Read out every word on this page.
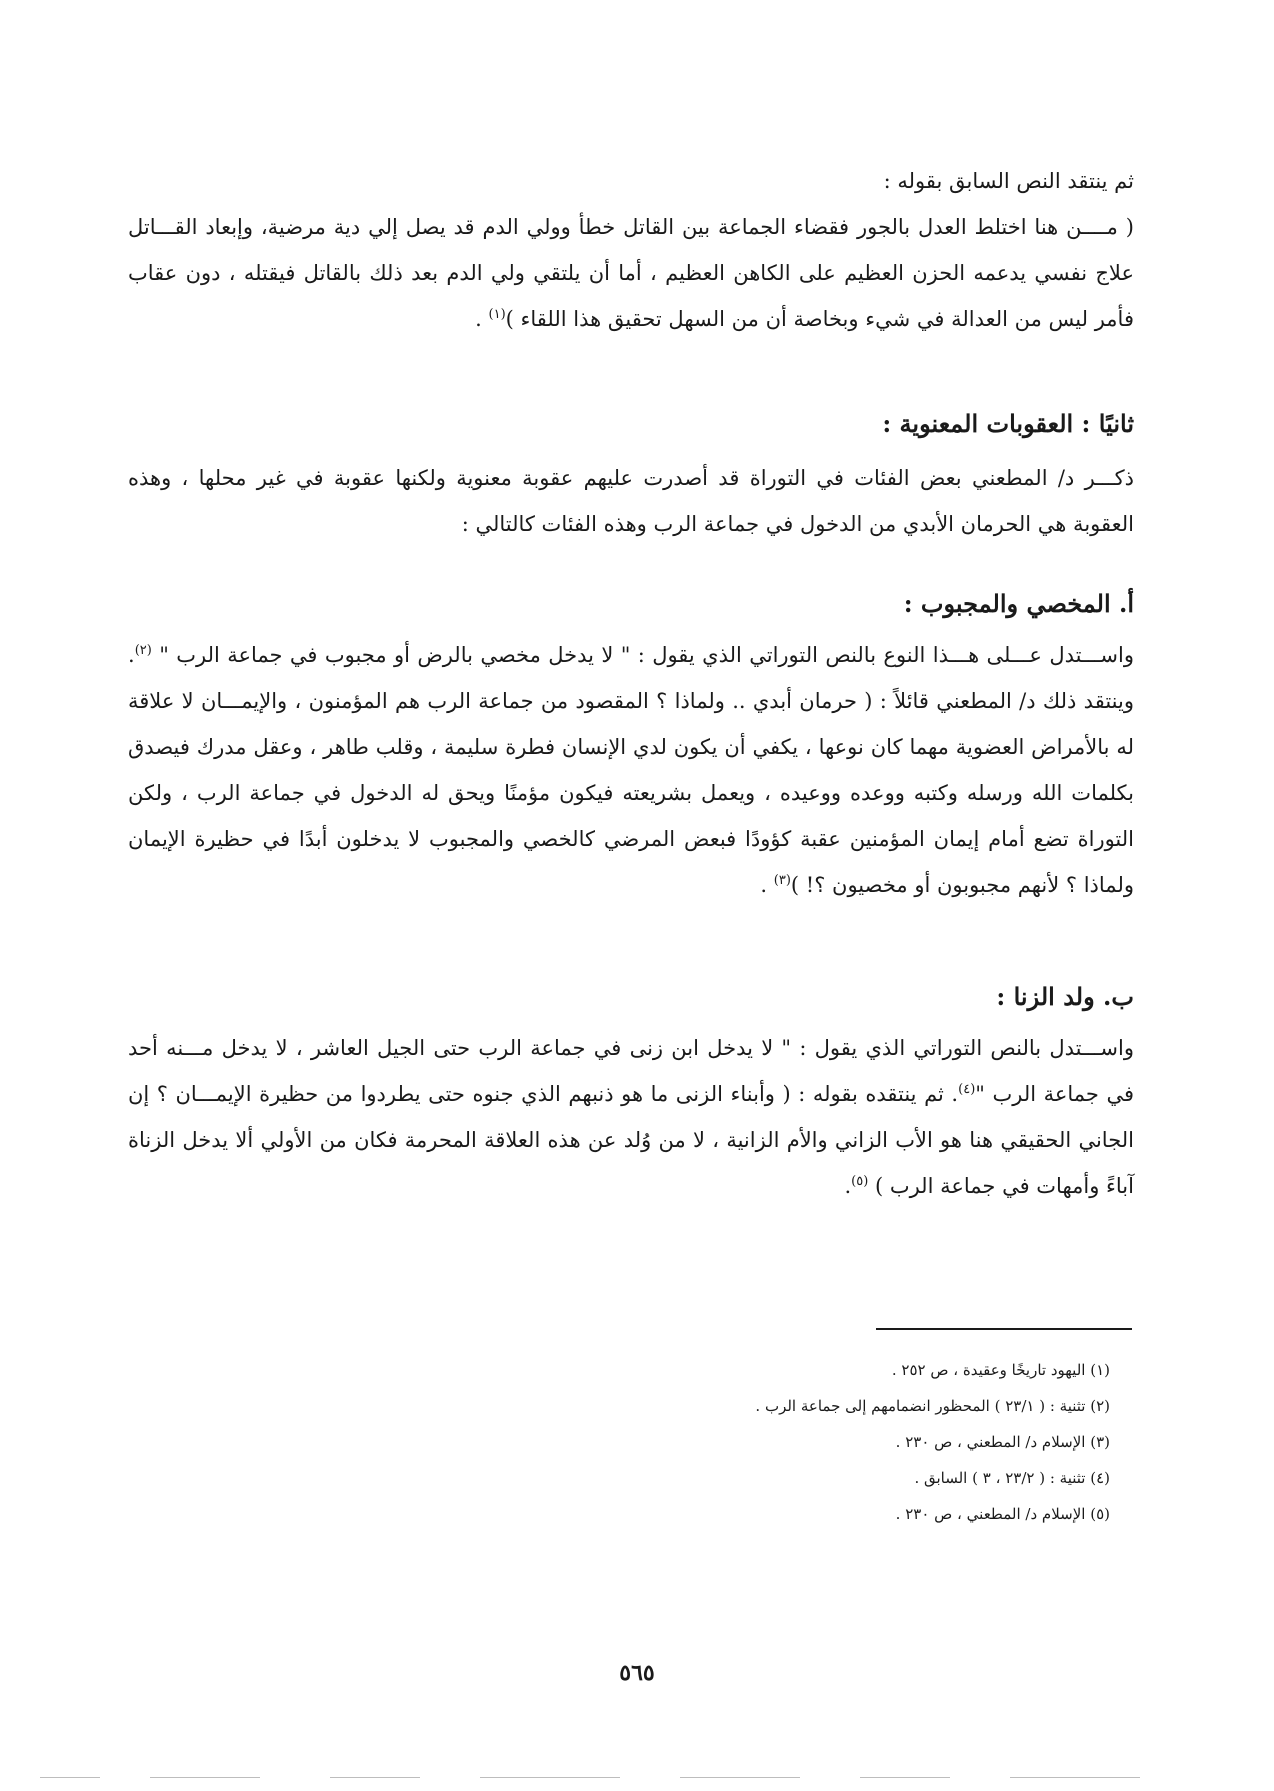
ثم ينتقد النص السابق بقوله :

( مــــن هنا اختلط العدل بالجور فقضاء الجماعة بين القاتل خطأ وولي الدم قد يصل إلي دية مرضية، وإبعاد القـــاتل علاج نفسي يدعمه الحزن العظيم على الكاهن العظيم ، أما أن يلتقي ولي الدم بعد ذلك بالقاتل فيقتله ، دون عقاب فأمر ليس من العدالة في شيء وبخاصة أن من السهل تحقيق هذا اللقاء )$^{(١)}$ .

ثانيًا : العقوبات المعنوية :

ذكـــر د/ المطعني بعض الفئات في التوراة قد أصدرت عليهم عقوبة معنوية ولكنها عقوبة في غير محلها ، وهذه العقوبة هي الحرمان الأبدي من الدخول في جماعة الرب وهذه الفئات كالتالي :

أ. المخصي والمجبوب :

واســـتدل عـــلى هـــذا النوع بالنص التوراتي الذي يقول : " لا يدخل مخصي بالرض أو مجبوب في جماعة الرب " $^{(٢)}$. وينتقد ذلك د/ المطعني قائلاً : ( حرمان أبدي .. ولماذا ؟ المقصود من جماعة الرب هم المؤمنون ، والإيمـــان لا علاقة له بالأمراض العضوية مهما كان نوعها ، يكفي أن يكون لدي الإنسان فطرة سليمة ، وقلب طاهر ، وعقل مدرك فيصدق بكلمات الله ورسله وكتبه ووعده ووعيده ، ويعمل بشريعته فيكون مؤمنًا ويحق له الدخول في جماعة الرب ، ولكن التوراة تضع أمام إيمان المؤمنين عقبة كؤودًا فبعض المرضي كالخصي والمجبوب لا يدخلون أبدًا في حظيرة الإيمان ولماذا ؟ لأنهم مجبوبون أو مخصيون ؟! )$^{(٣)}$ .

ب. ولد الزنا :

واســـتدل بالنص التوراتي الذي يقول : " لا يدخل ابن زنى في جماعة الرب حتى الجيل العاشر ، لا يدخل مـــنه أحد في جماعة الرب "$^{(٤)}$. ثم ينتقده بقوله : ( وأبناء الزنى ما هو ذنبهم الذي جنوه حتى يطردوا من حظيرة الإيمـــان ؟ إن الجاني الحقيقي هنا هو الأب الزاني والأم الزانية ، لا من وُلد عن هذه العلاقة المحرمة فكان من الأولي ألا يدخل الزناة آباءً وأمهات في جماعة الرب ) $^{(٥)}$.

(١) اليهود تاريخًا وعقيدة ، ص ٢٥٢ .
(٢) تثنية : ( ٢٣/١ ) المحظور انضمامهم إلى جماعة الرب .
(٣) الإسلام د/ المطعني ، ص ٢٣٠ .
(٤) تثنية : ( ٢٣/٢ ، ٣ ) السابق .
(٥) الإسلام د/ المطعني ، ص ٢٣٠ .
٥٦٥
